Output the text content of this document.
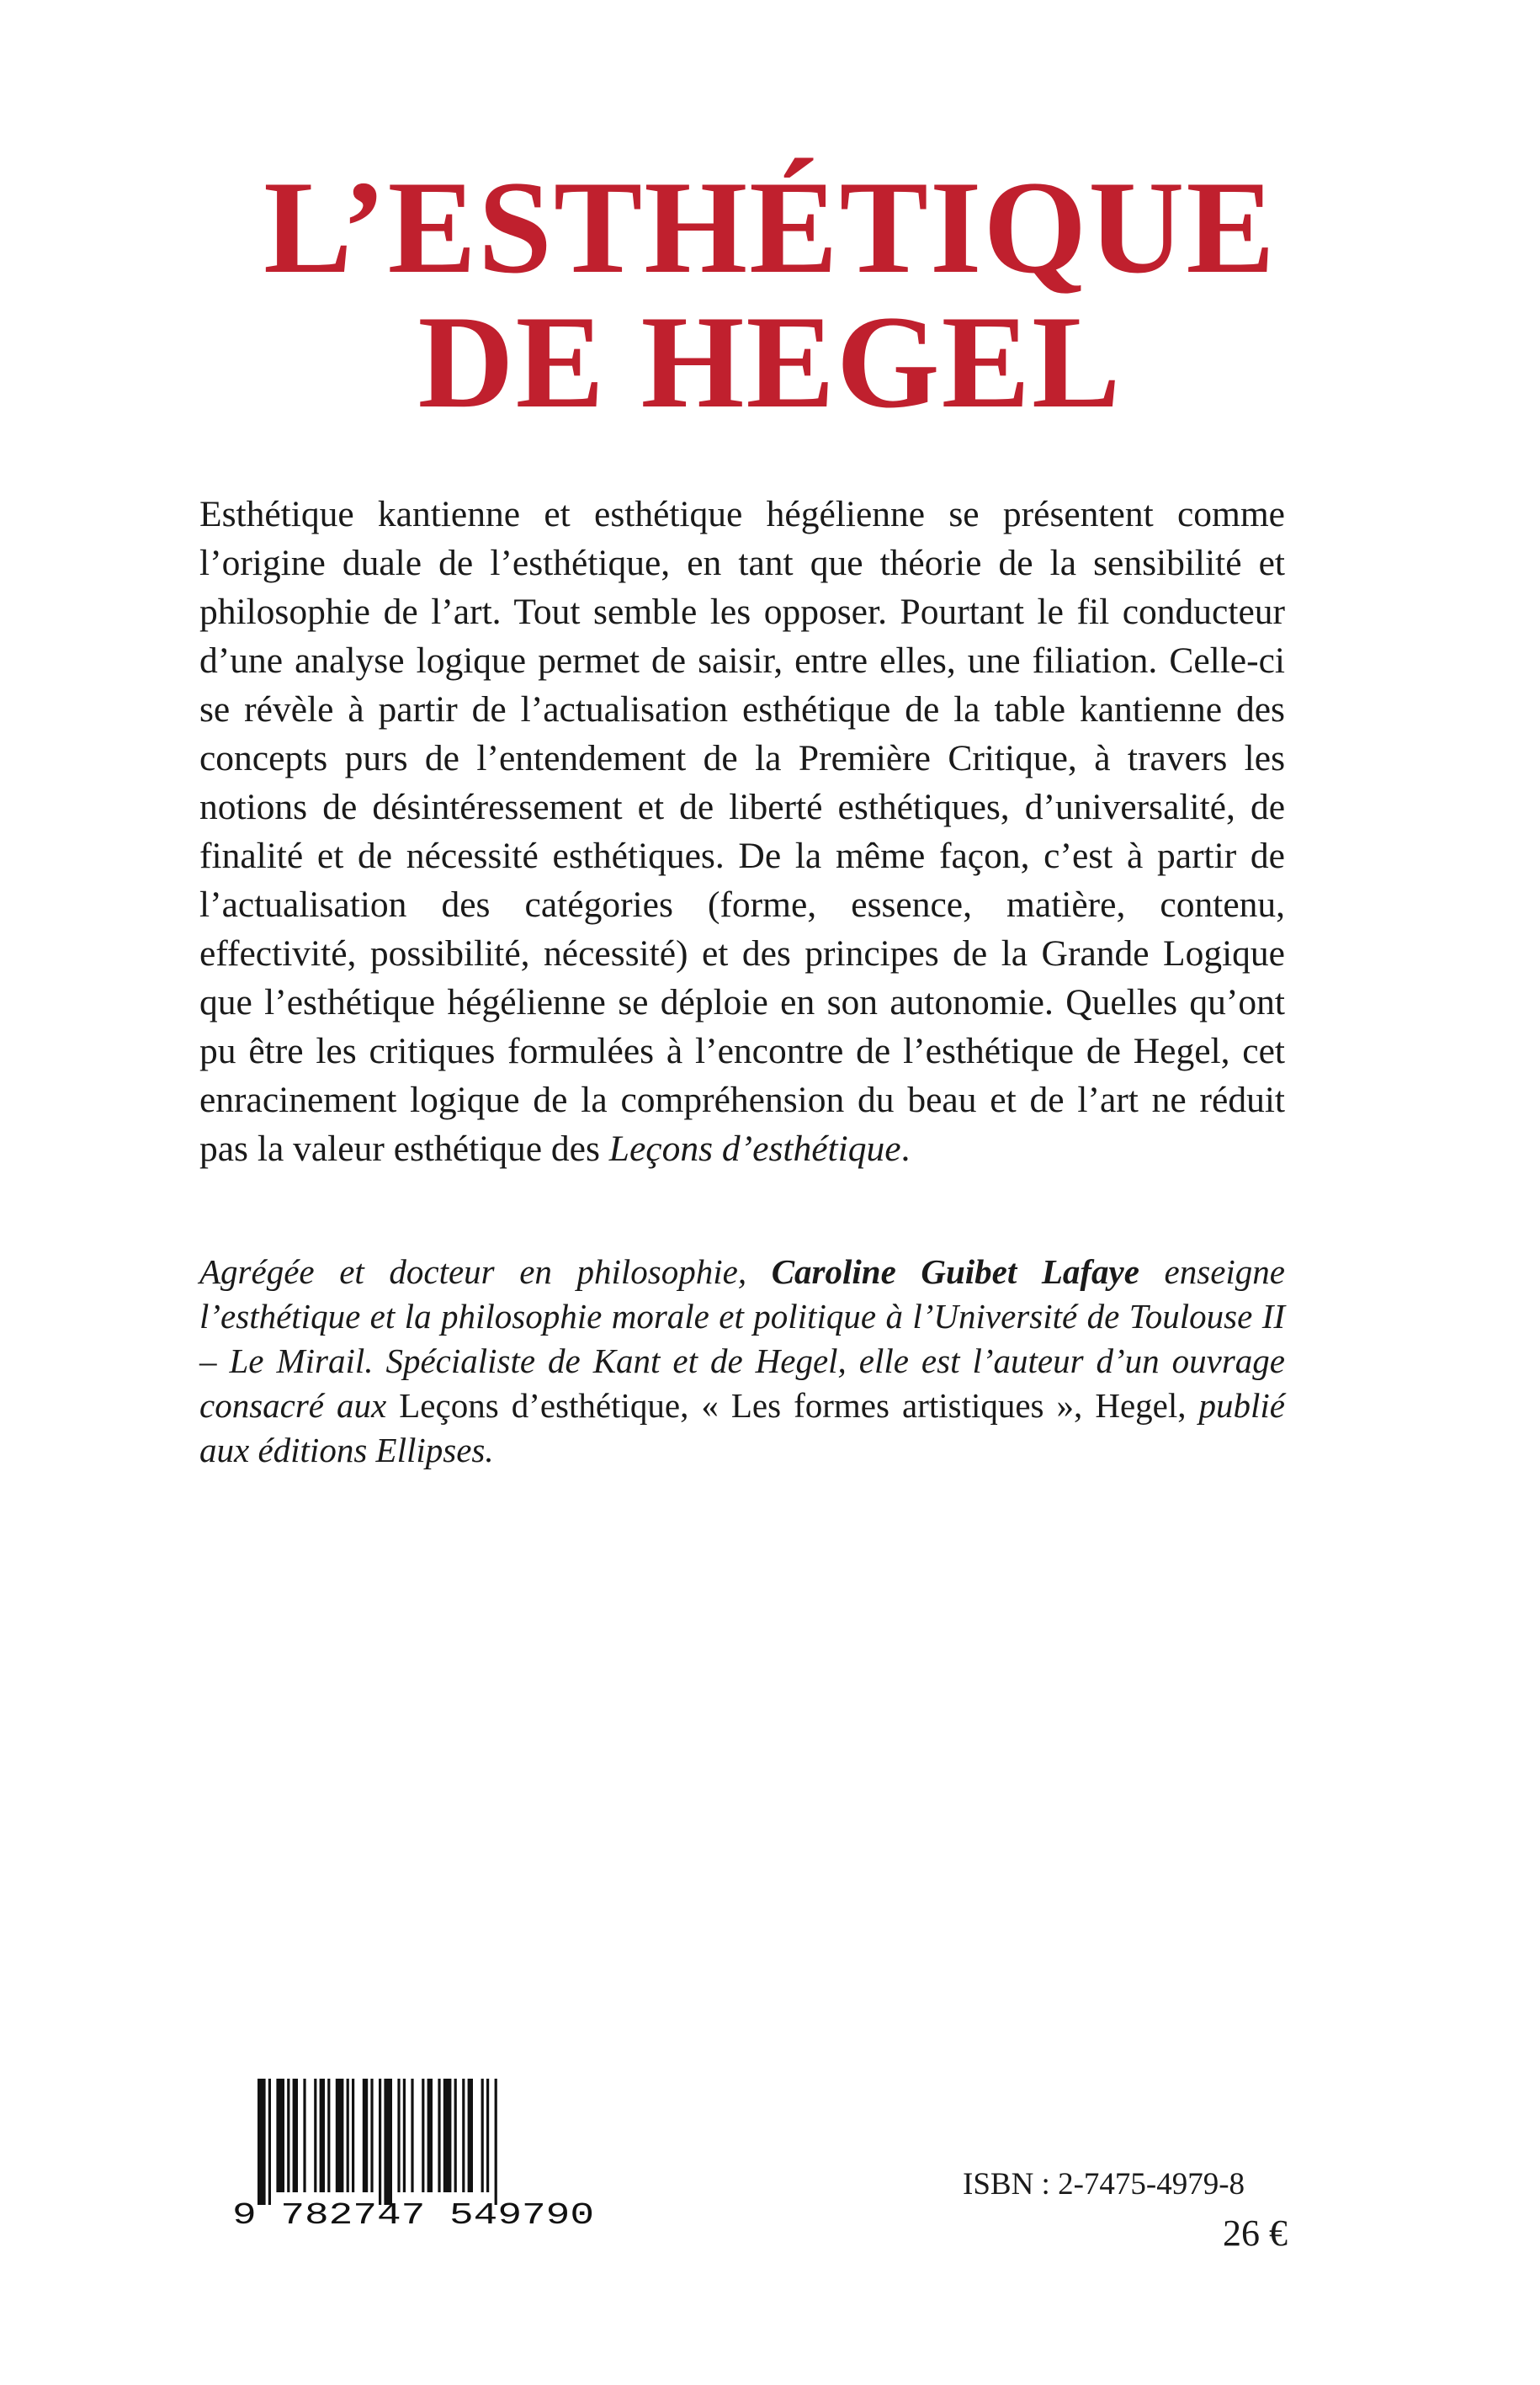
L’ESTHÉTIQUE
DE HEGEL
Esthétique kantienne et esthétique hégélienne se présentent comme l’origine duale de l’esthétique, en tant que théorie de la sensibilité et philosophie de l’art. Tout semble les opposer. Pourtant le fil conducteur d’une analyse logique permet de saisir, entre elles, une filiation. Celle-ci se révèle à partir de l’actualisation esthétique de la table kantienne des concepts purs de l’entendement de la Première Critique, à travers les notions de désintéressement et de liberté esthétiques, d’universalité, de finalité et de nécessité esthétiques. De la même façon, c’est à partir de l’actualisation des catégories (forme, essence, matière, contenu, effectivité, possibilité, nécessité) et des principes de la Grande Logique que l’esthétique hégélienne se déploie en son autonomie. Quelles qu’ont pu être les critiques formulées à l’encontre de l’esthétique de Hegel, cet enracinement logique de la compréhension du beau et de l’art ne réduit pas la valeur esthétique des Leçons d’esthétique.
Agrégée et docteur en philosophie, Caroline Guibet Lafaye enseigne l’esthétique et la philosophie morale et politique à l’Université de Toulouse II – Le Mirail. Spécialiste de Kant et de Hegel, elle est l’auteur d’un ouvrage consacré aux Leçons d’esthétique, « Les formes artistiques », Hegel, publié aux éditions Ellipses.
9 782747 549790
ISBN : 2-7475-4979-8
26 €
